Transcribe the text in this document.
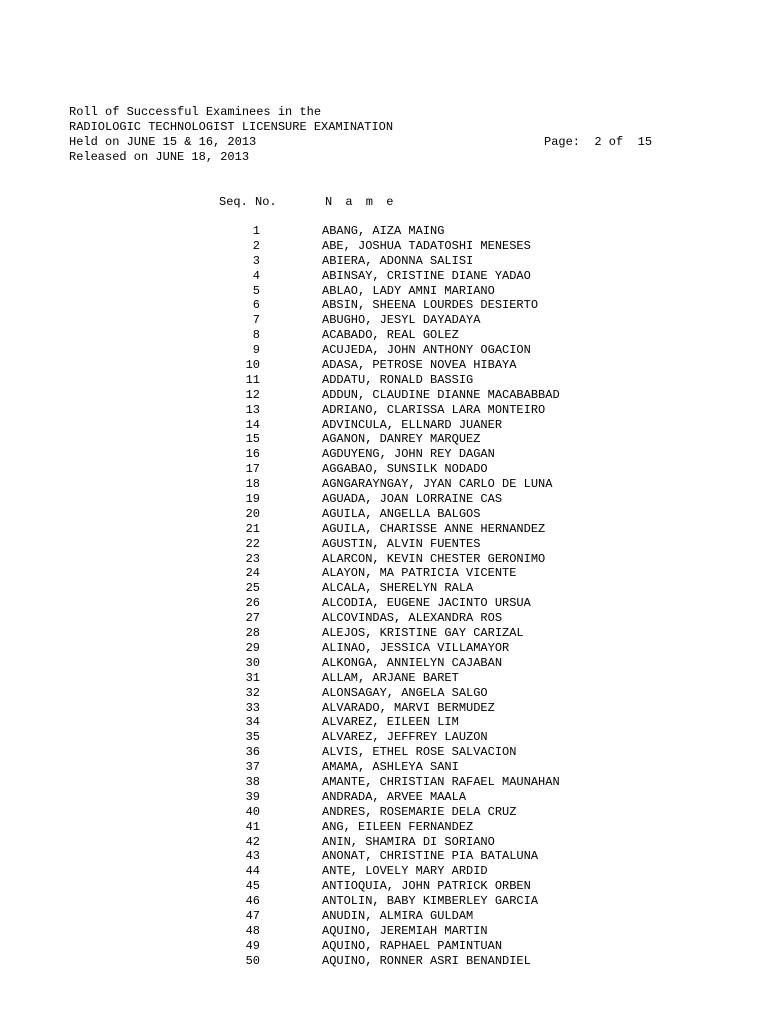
Roll of Successful Examinees in the
RADIOLOGIC TECHNOLOGIST LICENSURE EXAMINATION
Held on JUNE 15 & 16, 2013
Released on JUNE 18, 2013
Page:  2 of  15
Seq. No.	N a m e
1	ABANG, AIZA MAING
2	ABE, JOSHUA TADATOSHI MENESES
3	ABIERA, ADONNA SALISI
4	ABINSAY, CRISTINE DIANE YADAO
5	ABLAO, LADY AMNI MARIANO
6	ABSIN, SHEENA LOURDES DESIERTO
7	ABUGHO, JESYL DAYADAYA
8	ACABADO, REAL GOLEZ
9	ACUJEDA, JOHN ANTHONY OGACION
10	ADASA, PETROSE NOVEA HIBAYA
11	ADDATU, RONALD BASSIG
12	ADDUN, CLAUDINE DIANNE MACABABBAD
13	ADRIANO, CLARISSA LARA MONTEIRO
14	ADVINCULA, ELLNARD JUANER
15	AGANON, DANREY MARQUEZ
16	AGDUYENG, JOHN REY DAGAN
17	AGGABAO, SUNSILK NODADO
18	AGNGARAYNGAY, JYAN CARLO DE LUNA
19	AGUADA, JOAN LORRAINE CAS
20	AGUILA, ANGELLA BALGOS
21	AGUILA, CHARISSE ANNE HERNANDEZ
22	AGUSTIN, ALVIN FUENTES
23	ALARCON, KEVIN CHESTER GERONIMO
24	ALAYON, MA PATRICIA VICENTE
25	ALCALA, SHERELYN RALA
26	ALCODIA, EUGENE JACINTO URSUA
27	ALCOVINDAS, ALEXANDRA ROS
28	ALEJOS, KRISTINE GAY CARIZAL
29	ALINAO, JESSICA VILLAMAYOR
30	ALKONGA, ANNIELYN CAJABAN
31	ALLAM, ARJANE BARET
32	ALONSAGAY, ANGELA SALGO
33	ALVARADO, MARVI BERMUDEZ
34	ALVAREZ, EILEEN LIM
35	ALVAREZ, JEFFREY LAUZON
36	ALVIS, ETHEL ROSE SALVACION
37	AMAMA, ASHLEYA SANI
38	AMANTE, CHRISTIAN RAFAEL MAUNAHAN
39	ANDRADA, ARVEE MAALA
40	ANDRES, ROSEMARIE DELA CRUZ
41	ANG, EILEEN FERNANDEZ
42	ANIN, SHAMIRA DI SORIANO
43	ANONAT, CHRISTINE PIA BATALUNA
44	ANTE, LOVELY MARY ARDID
45	ANTIOQUIA, JOHN PATRICK ORBEN
46	ANTOLIN, BABY KIMBERLEY GARCIA
47	ANUDIN, ALMIRA GULDAM
48	AQUINO, JEREMIAH MARTIN
49	AQUINO, RAPHAEL PAMINTUAN
50	AQUINO, RONNER ASRI BENANDIEL
